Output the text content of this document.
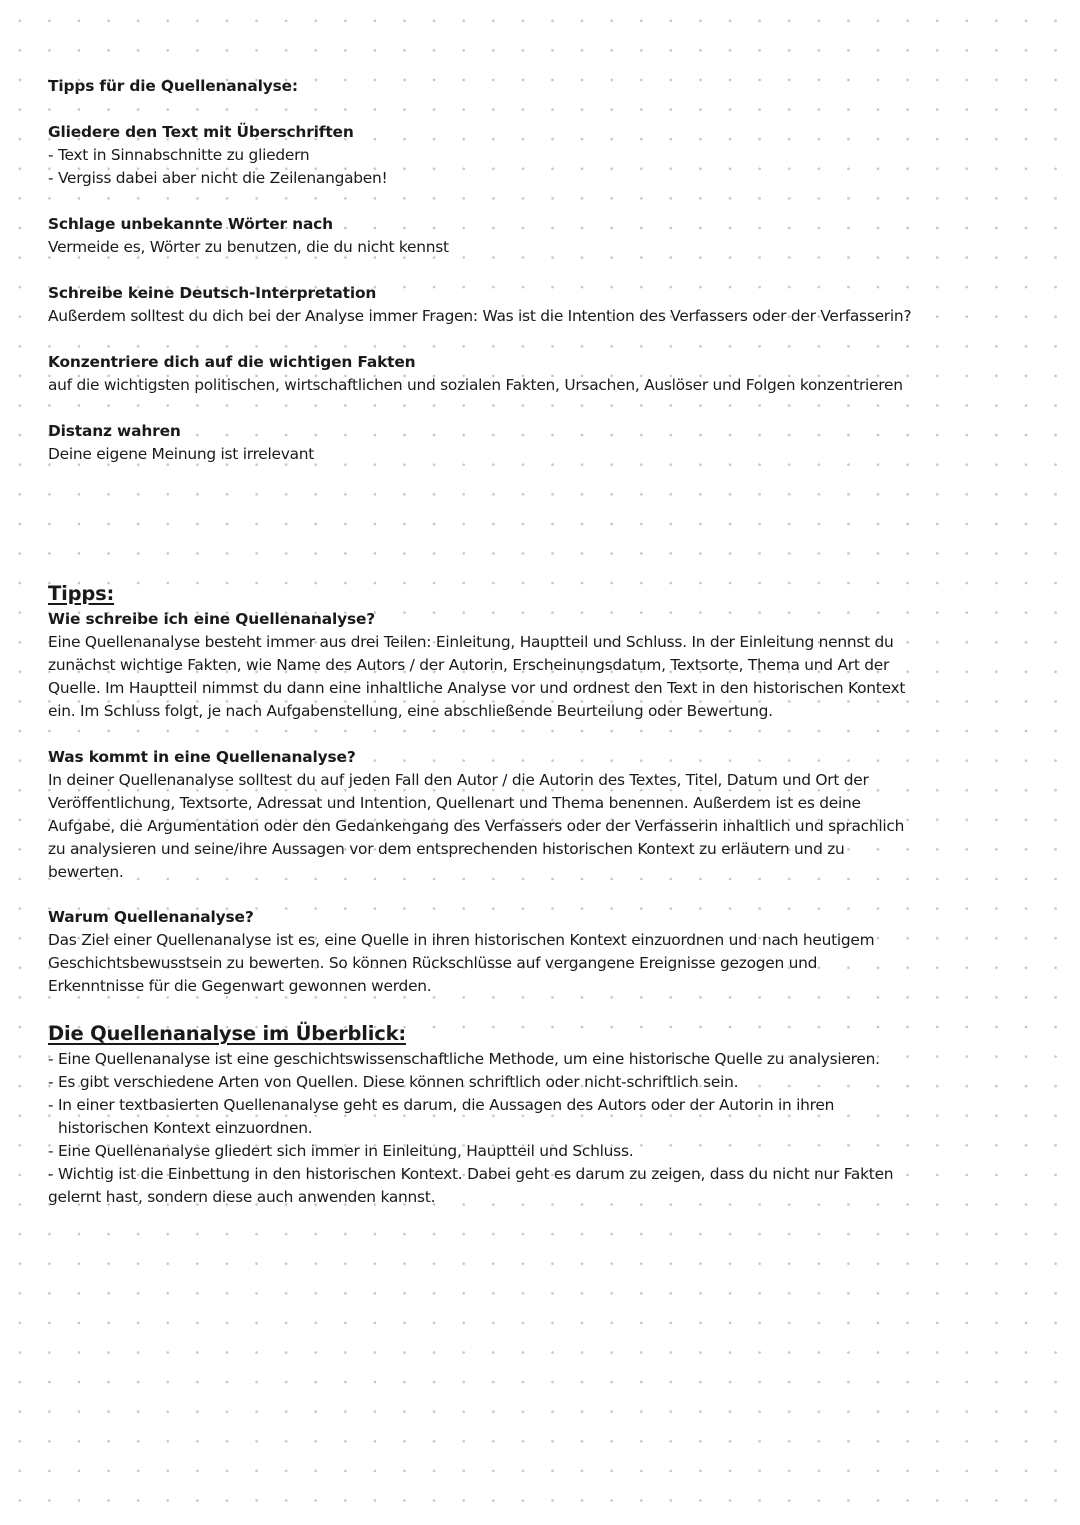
Tipps für die Quellenanalyse:
Gliedere den Text mit Überschriften
- Text in Sinnabschnitte zu gliedern
- Vergiss dabei aber nicht die Zeilenangaben!
Schlage unbekannte Wörter nach
Vermeide es, Wörter zu benutzen, die du nicht kennst
Schreibe keine Deutsch-Interpretation
Außerdem solltest du dich bei der Analyse immer Fragen: Was ist die Intention des Verfassers oder der Verfasserin?
Konzentriere dich auf die wichtigen Fakten
auf die wichtigsten politischen, wirtschaftlichen und sozialen Fakten, Ursachen, Auslöser und Folgen konzentrieren
Distanz wahren
Deine eigene Meinung ist irrelevant
Tipps:
Wie schreibe ich eine Quellenanalyse?
Eine Quellenanalyse besteht immer aus drei Teilen: Einleitung, Hauptteil und Schluss. In der Einleitung nennst du
zunächst wichtige Fakten, wie Name des Autors / der Autorin, Erscheinungsdatum, Textsorte, Thema und Art der
Quelle. Im Hauptteil nimmst du dann eine inhaltliche Analyse vor und ordnest den Text in den historischen Kontext
ein. Im Schluss folgt, je nach Aufgabenstellung, eine abschließende Beurteilung oder Bewertung.
Was kommt in eine Quellenanalyse?
In deiner Quellenanalyse solltest du auf jeden Fall den Autor / die Autorin des Textes, Titel, Datum und Ort der
Veröffentlichung, Textsorte, Adressat und Intention, Quellenart und Thema benennen. Außerdem ist es deine
Aufgabe, die Argumentation oder den Gedankengang des Verfassers oder der Verfasserin inhaltlich und sprachlich
zu analysieren und seine/ihre Aussagen vor dem entsprechenden historischen Kontext zu erläutern und zu
bewerten.
Warum Quellenanalyse?
Das Ziel einer Quellenanalyse ist es, eine Quelle in ihren historischen Kontext einzuordnen und nach heutigem
Geschichtsbewusstsein zu bewerten. So können Rückschlüsse auf vergangene Ereignisse gezogen und
Erkenntnisse für die Gegenwart gewonnen werden.
Die Quellenanalyse im Überblick:
- Eine Quellenanalyse ist eine geschichtswissenschaftliche Methode, um eine historische Quelle zu analysieren.
- Es gibt verschiedene Arten von Quellen. Diese können schriftlich oder nicht-schriftlich sein.
- In einer textbasierten Quellenanalyse geht es darum, die Aussagen des Autors oder der Autorin in ihren
historischen Kontext einzuordnen.
- Eine Quellenanalyse gliedert sich immer in Einleitung, Hauptteil und Schluss.
- Wichtig ist die Einbettung in den historischen Kontext. Dabei geht es darum zu zeigen, dass du nicht nur Fakten
gelernt hast, sondern diese auch anwenden kannst.
